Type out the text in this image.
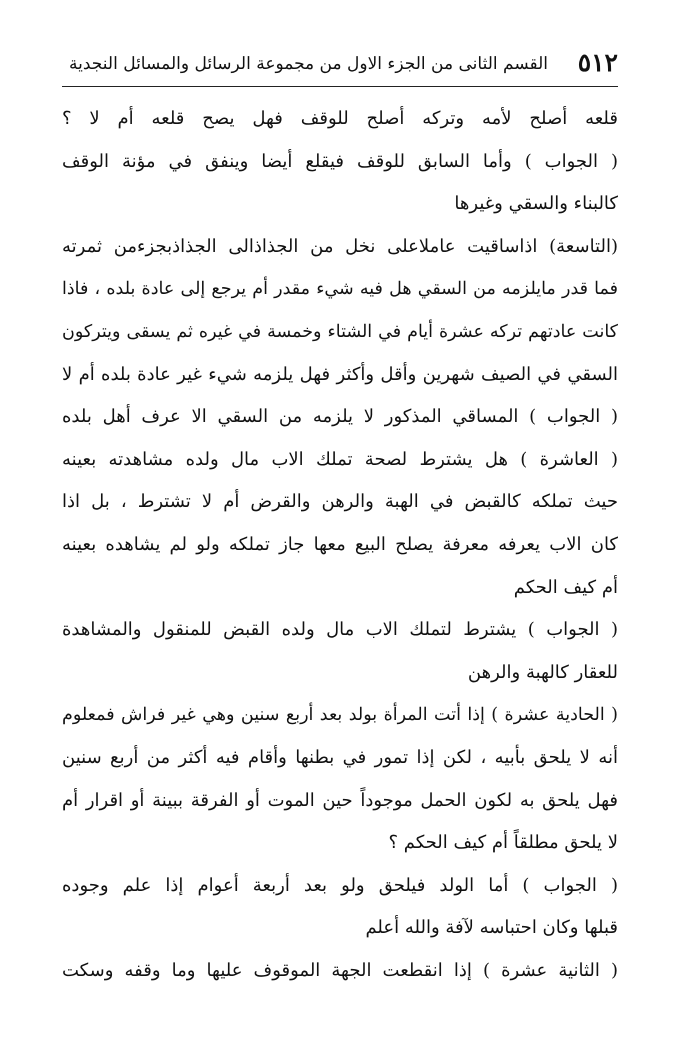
٥١٢
القسم الثانى من الجزء الاول من مجموعة الرسائل والمسائل النجدية
قلعه أصلح لأمه وتركه أصلح للوقف فهل يصح قلعه أم لا ؟
( الجواب ) وأما السابق للوقف فيقلع أيضا وينفق في مؤنة الوقف
كالبناء والسقي وغيرها
(التاسعة) اذاساقيت عاملاعلى نخل من الجذاذالى الجذاذبجزءمن ثمرته
فما قدر مايلزمه من السقي هل فيه شيء مقدر أم يرجع إلى عادة بلده ، فاذا
كانت عادتهم تركه عشرة أيام في الشتاء وخمسة في غيره ثم يسقى ويتركون
السقي في الصيف شهرين وأقل وأكثر فهل يلزمه شيء غير عادة بلده أم لا
( الجواب ) المساقي المذكور لا يلزمه من السقي الا عرف أهل بلده
( العاشرة ) هل يشترط لصحة تملك الاب مال ولده مشاهدته بعينه
حيث تملكه كالقبض في الهبة والرهن والقرض أم لا تشترط ، بل اذا
كان الاب يعرفه معرفة يصلح البيع معها جاز تملكه ولو لم يشاهده بعينه
أم كيف الحكم
( الجواب ) يشترط لتملك الاب مال ولده القبض للمنقول والمشاهدة
للعقار كالهبة والرهن
( الحادية عشرة ) إذا أتت المرأة بولد بعد أربع سنين وهي غير فراش فمعلوم
أنه لا يلحق بأبيه ، لكن إذا تمور في بطنها وأقام فيه أكثر من أربع سنين
فهل يلحق به لكون الحمل موجوداً حين الموت أو الفرقة ببينة أو اقرار أم
لا يلحق مطلقاً أم كيف الحكم ؟
( الجواب ) أما الولد فيلحق ولو بعد أربعة أعوام إذا علم وجوده
قبلها وكان احتباسه لآفة والله أعلم
( الثانية عشرة ) إذا انقطعت الجهة الموقوف عليها وما وقفه وسكت
